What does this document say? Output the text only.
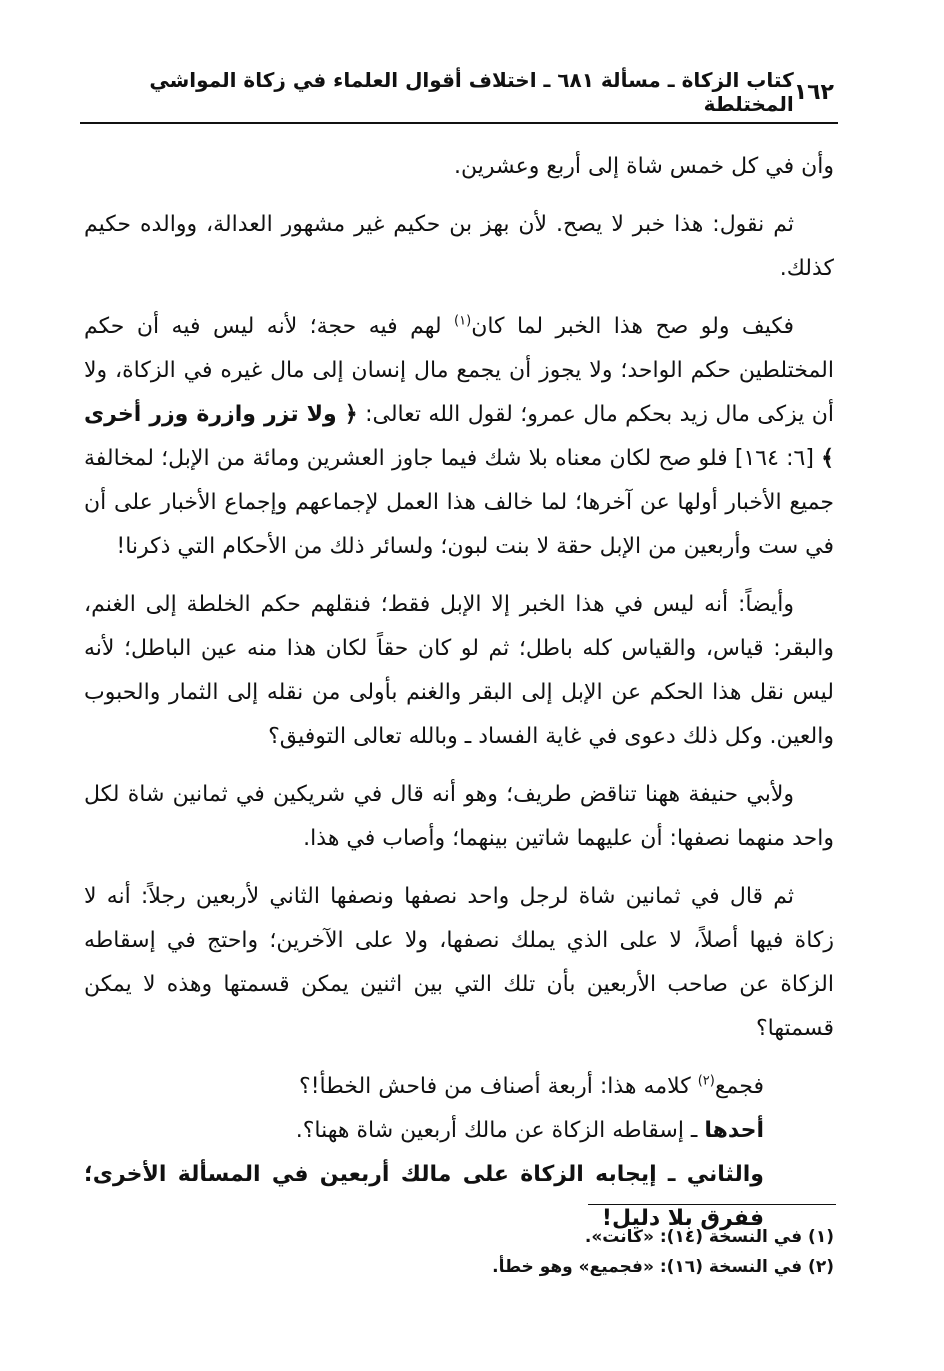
١٦٢
كتاب الزكاة ـ مسألة ٦٨١ ـ اختلاف أقوال العلماء في زكاة المواشي المختلطة

وأن في كل خمس شاة إلى أربع وعشرين.

ثم نقول: هذا خبر لا يصح. لأن بهز بن حكيم غير مشهور العدالة، ووالده حكيم كذلك.

فكيف ولو صح هذا الخبر لما كان$^{(١)}$ لهم فيه حجة؛ لأنه ليس فيه أن حكم المختلطين حكم الواحد؛ ولا يجوز أن يجمع مال إنسان إلى مال غيره في الزكاة، ولا أن يزكى مال زيد بحكم مال عمرو؛ لقول الله تعالى: ﴿ ولا تزر وازرة وزر أخرى ﴾ [٦: ١٦٤] فلو صح لكان معناه بلا شك فيما جاوز العشرين ومائة من الإبل؛ لمخالفة جميع الأخبار أولها عن آخرها؛ لما خالف هذا العمل لإجماعهم وإجماع الأخبار على أن في ست وأربعين من الإبل حقة لا بنت لبون؛ ولسائر ذلك من الأحكام التي ذكرنا!

وأيضاً: أنه ليس في هذا الخبر إلا الإبل فقط؛ فنقلهم حكم الخلطة إلى الغنم، والبقر: قياس، والقياس كله باطل؛ ثم لو كان حقاً لكان هذا منه عين الباطل؛ لأنه ليس نقل هذا الحكم عن الإبل إلى البقر والغنم بأولى من نقله إلى الثمار والحبوب والعين. وكل ذلك دعوى في غاية الفساد ـ وبالله تعالى التوفيق؟

ولأبي حنيفة ههنا تناقض طريف؛ وهو أنه قال في شريكين في ثمانين شاة لكل واحد منهما نصفها: أن عليهما شاتين بينهما؛ وأصاب في هذا.

ثم قال في ثمانين شاة لرجل واحد نصفها ونصفها الثاني لأربعين رجلاً: أنه لا زكاة فيها أصلاً، لا على الذي يملك نصفها، ولا على الآخرين؛ واحتج في إسقاطه الزكاة عن صاحب الأربعين بأن تلك التي بين اثنين يمكن قسمتها وهذه لا يمكن قسمتها؟

فجمع$^{(٢)}$ كلامه هذا: أربعة أصناف من فاحش الخطأ!؟
أحدها ـ إسقاطه الزكاة عن مالك أربعين شاة ههنا؟.
والثاني ـ إيجابه الزكاة على مالك أربعين في المسألة الأخرى؛ ففرق بلا دليل!
(١) في النسخة (١٤): «كانت».
(٢) في النسخة (١٦): «فجميع» وهو خطأ.
